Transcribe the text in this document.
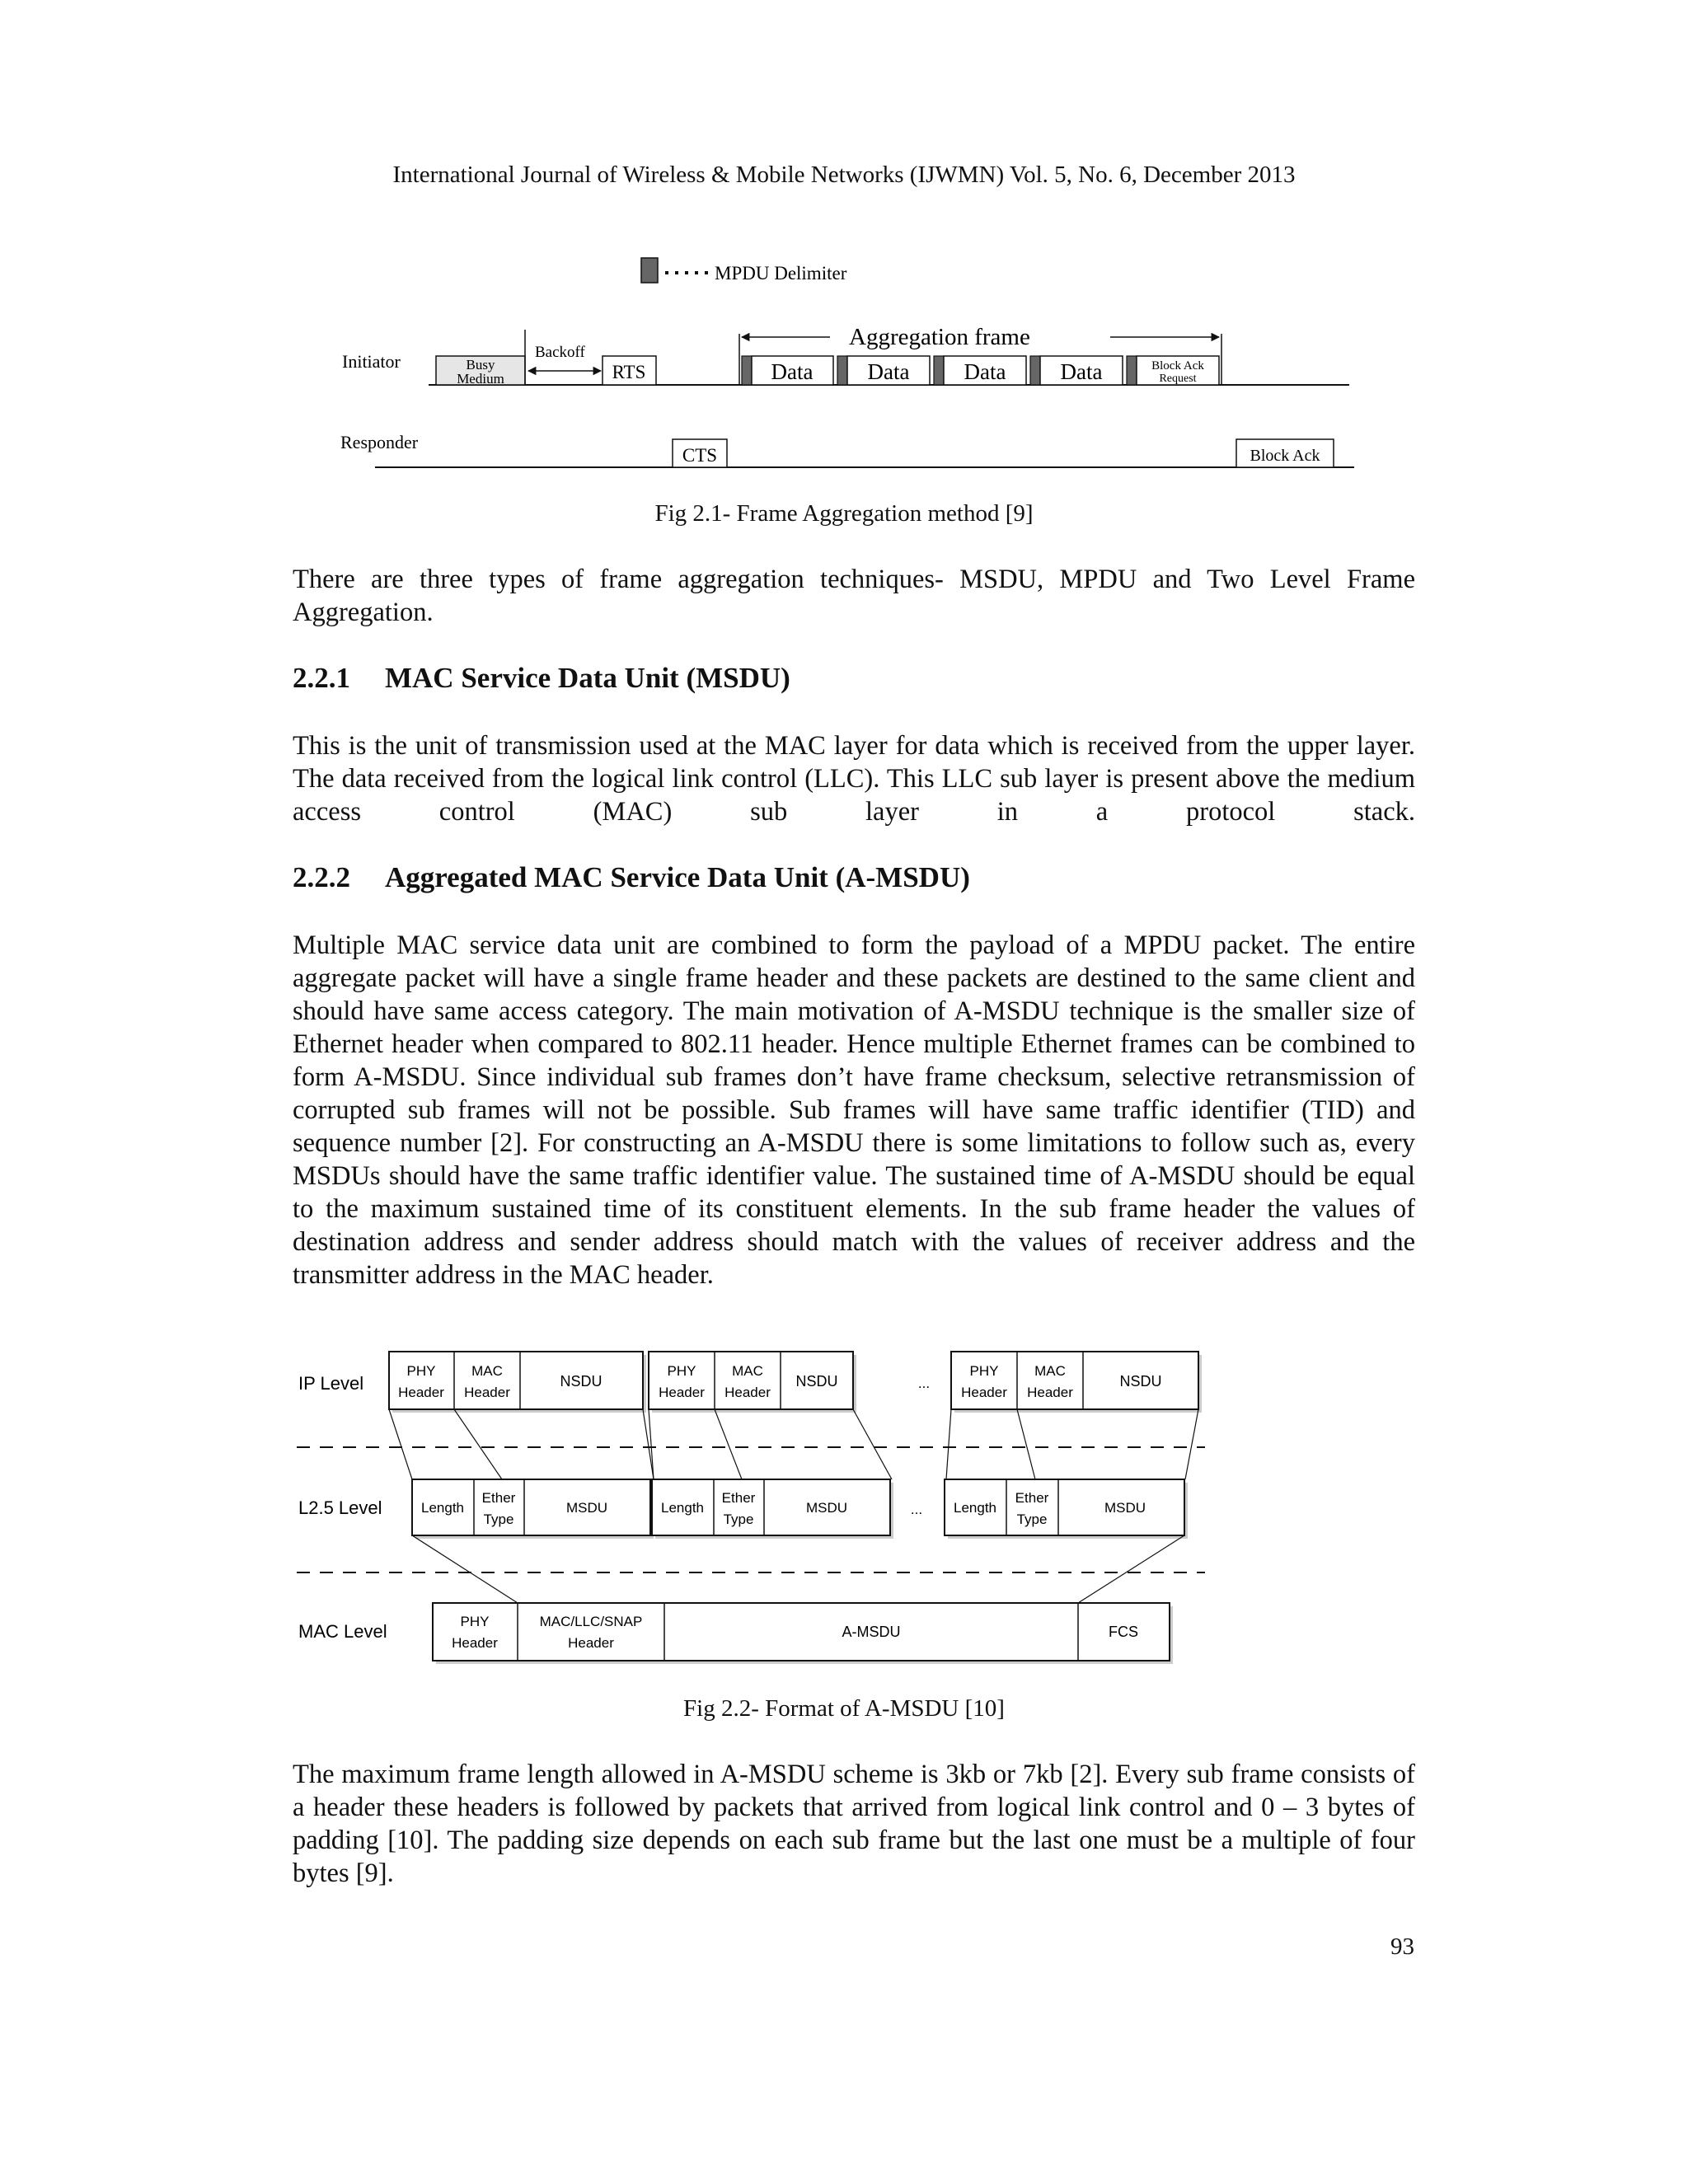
International Journal of Wireless & Mobile Networks (IJWMN) Vol. 5, No. 6, December 2013
MPDU Delimiter
Initiator	Busy
Medium
Backoff
RTS
Aggregation frame
Data Data Data Data	Block Ack
Request
Responder
CTS	Block Ack
Fig 2.1- Frame Aggregation method [9]
There are three types of frame aggregation techniques- MSDU, MPDU and Two Level Frame Aggregation.
2.2.1 MAC Service Data Unit (MSDU)
This is the unit of transmission used at the MAC layer for data which is received from the upper layer. The data received from the logical link control (LLC). This LLC sub layer is present above the medium access control (MAC) sub layer in a protocol stack.
2.2.2 Aggregated MAC Service Data Unit (A-MSDU)
Multiple MAC service data unit are combined to form the payload of a MPDU packet. The entire aggregate packet will have a single frame header and these packets are destined to the same client and should have same access category. The main motivation of A-MSDU technique is the smaller size of Ethernet header when compared to 802.11 header. Hence multiple Ethernet frames can be combined to form A-MSDU. Since individual sub frames don’t have frame checksum, selective retransmission of corrupted sub frames will not be possible. Sub frames will have same traffic identifier (TID) and sequence number [2]. For constructing an A-MSDU there is some limitations to follow such as, every MSDUs should have the same traffic identifier value. The sustained time of A-MSDU should be equal to the maximum sustained time of its constituent elements. In the sub frame header the values of destination address and sender address should match with the values of receiver address and the transmitter address in the MAC header.
IP Level
L2.5 Level
MAC Level
PHY
Header
MAC
Header
NSDU
PHY
Header
MAC
Header
NSDU	...
PHY
Header
MAC
Header
NSDU
Length
Ether
Type
MSDU	Length
Ether
Type
MSDU	... Length
Ether
Type
MSDU
PHY
Header
MAC/LLC/SNAP
Header
A-MSDU	FCS
Fig 2.2- Format of A-MSDU [10]
The maximum frame length allowed in A-MSDU scheme is 3kb or 7kb [2]. Every sub frame consists of a header these headers is followed by packets that arrived from logical link control and 0 – 3 bytes of padding [10]. The padding size depends on each sub frame but the last one must be a multiple of four bytes [9].
93
